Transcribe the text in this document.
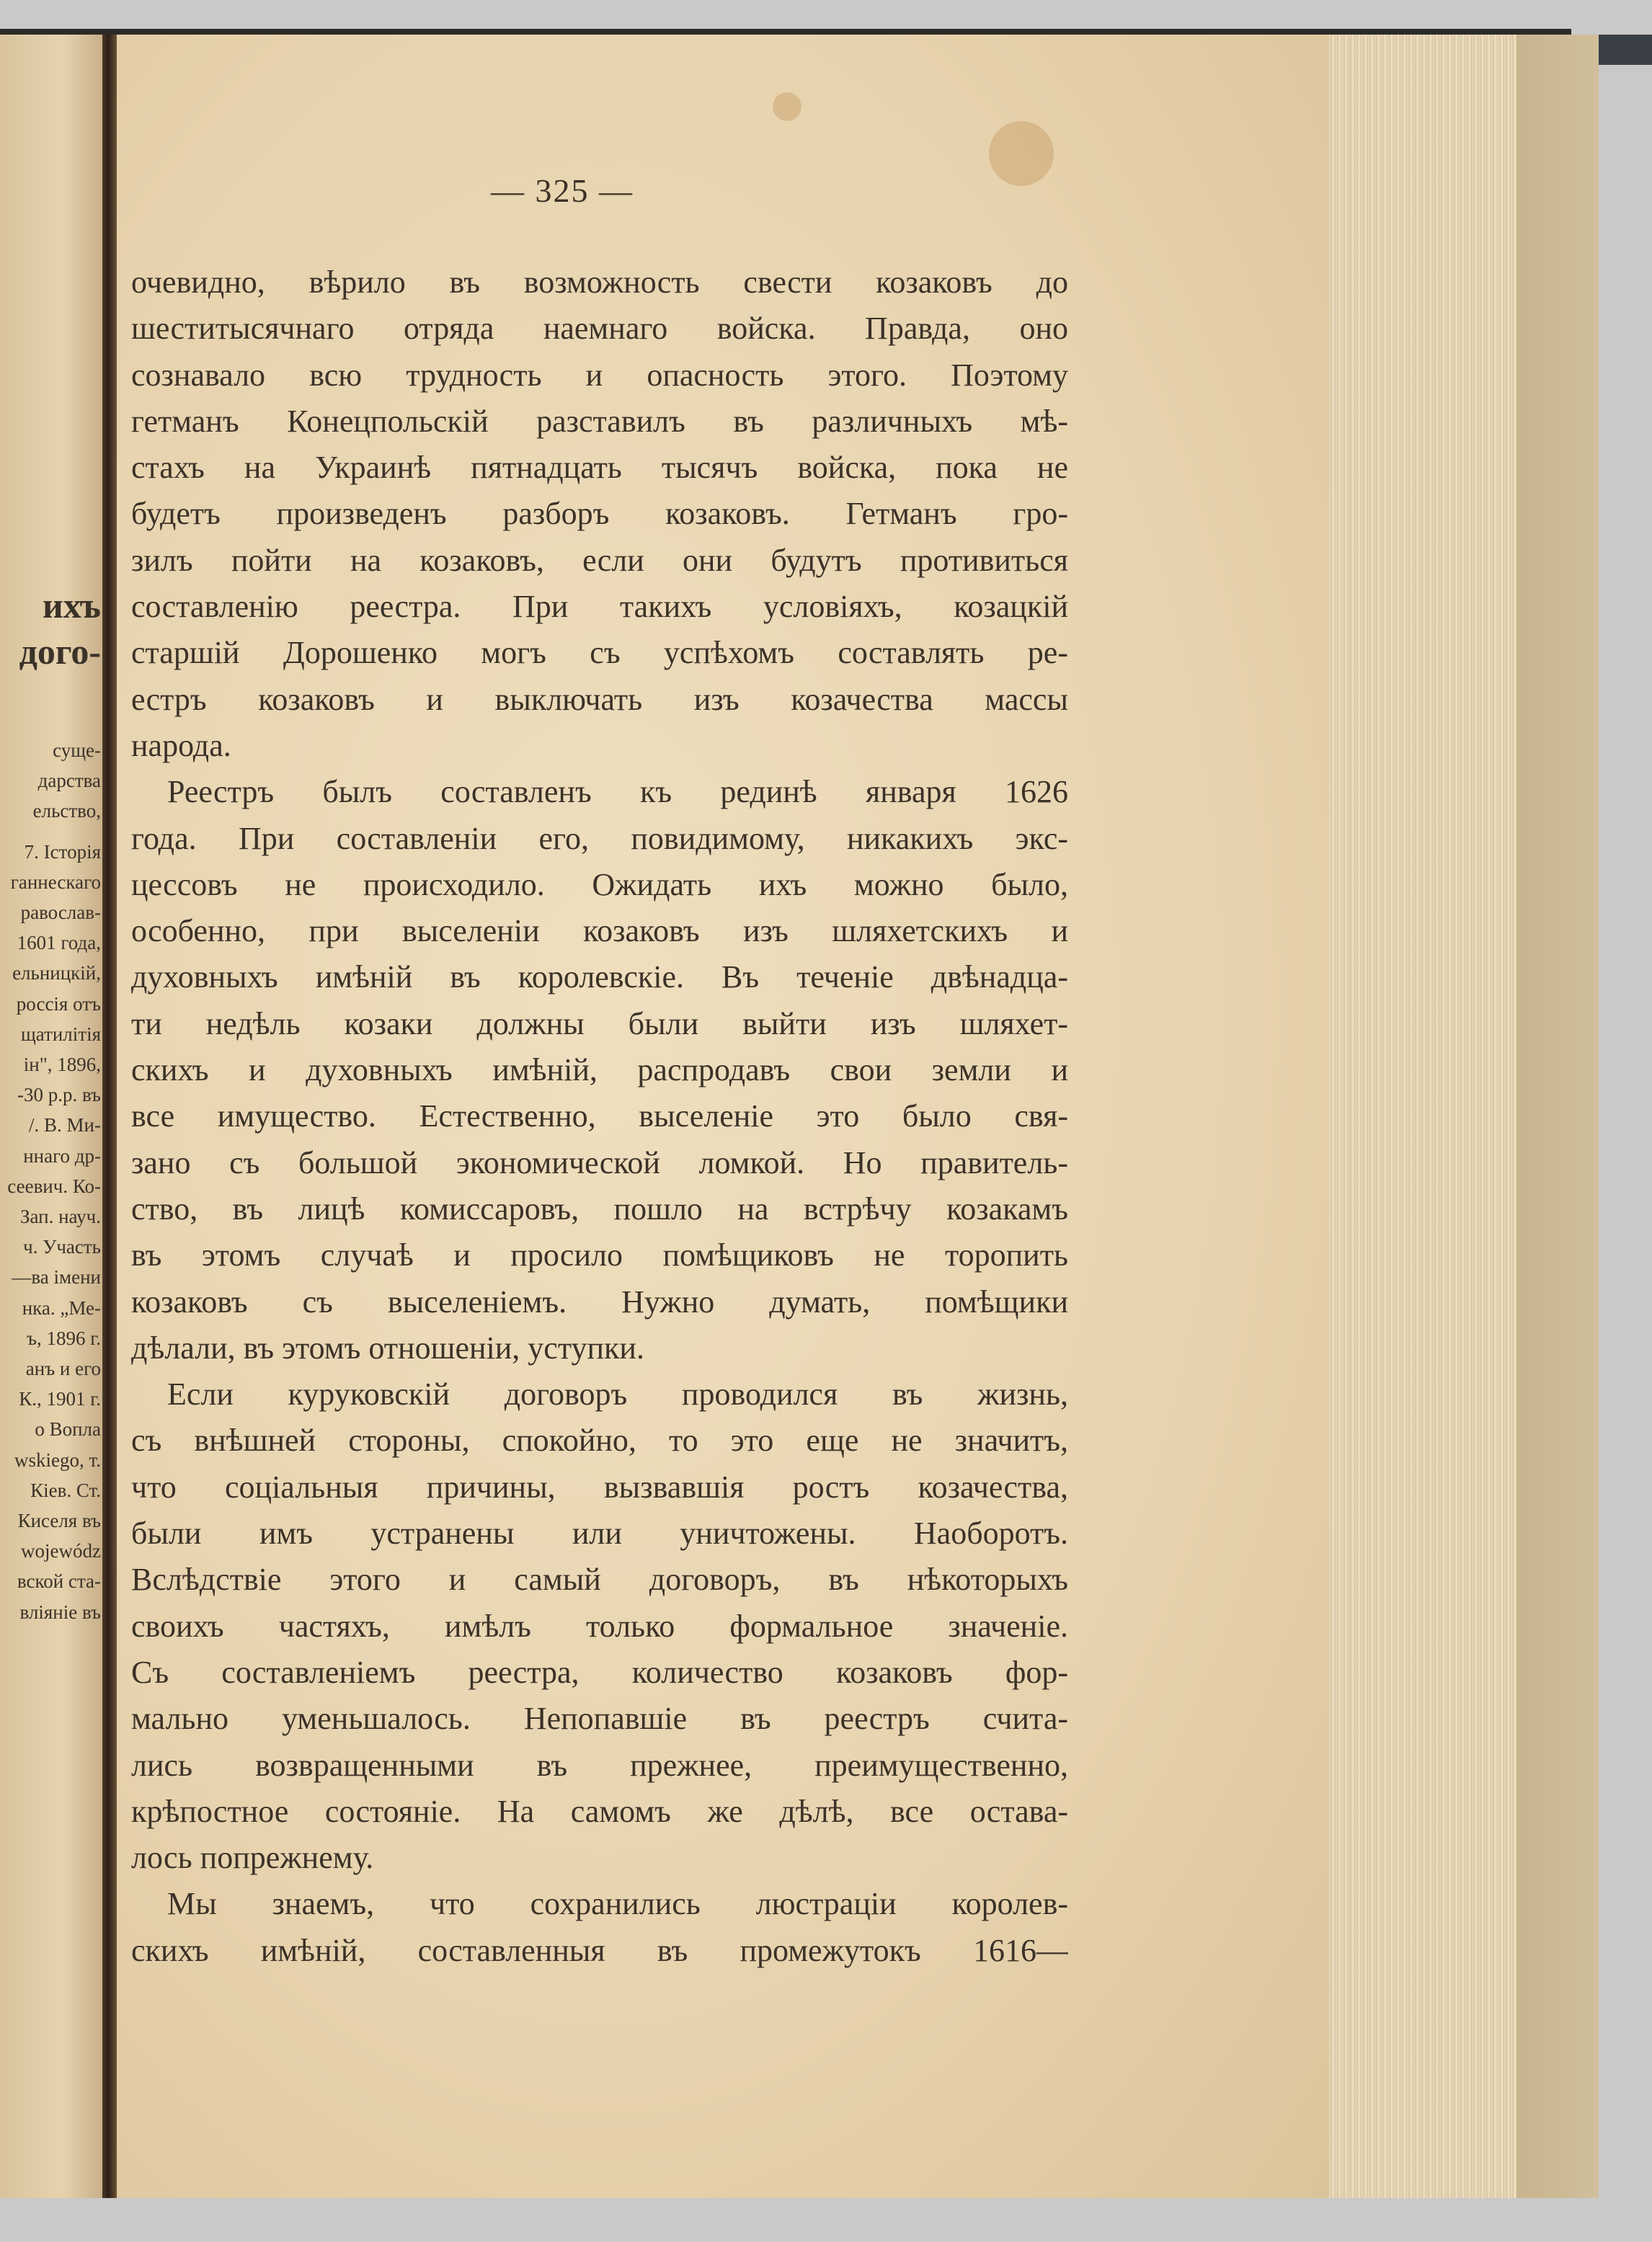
ихъ
дого-
суще-
дарства
ельство,
7. Історія
ганнескаго
равослав-
1601 года,
ельницкій,
россія отъ
щатилітія
ін", 1896,
-30 р.р. въ
/. В. Ми-
ннаго др-
сеевич. Ко-
Зап. науч.
ч. Участь
—ва імени
нка. „Ме-
ъ, 1896 г.
анъ и его
К., 1901 г.
о Вопла
wskiego, т.
Кіев. Ст.
Киселя въ
wojewódz
вской ста-
вліяніе въ
— 325 —
очевидно, вѣрило въ возможность свести козаковъ до
шеститысячнаго отряда наемнаго войска. Правда, оно
сознавало всю трудность и опасность этого. Поэтому
гетманъ Конецпольскій разставилъ въ различныхъ мѣ-
стахъ на Украинѣ пятнадцать тысячъ войска, пока не
будетъ произведенъ разборъ козаковъ. Гетманъ гро-
зилъ пойти на козаковъ, если они будутъ противиться
составленію реестра. При такихъ условіяхъ, козацкій
старшій Дорошенко могъ съ успѣхомъ составлять ре-
естръ козаковъ и выключать изъ козачества массы
народа.
Реестръ былъ составленъ къ рединѣ января 1626
года. При составленіи его, повидимому, никакихъ экс-
цессовъ не происходило. Ожидать ихъ можно было,
особенно, при выселеніи козаковъ изъ шляхетскихъ и
духовныхъ имѣній въ королевскіе. Въ теченіе двѣнадца-
ти недѣль козаки должны были выйти изъ шляхет-
скихъ и духовныхъ имѣній, распродавъ свои земли и
все имущество. Естественно, выселеніе это было свя-
зано съ большой экономической ломкой. Но правитель-
ство, въ лицѣ комиссаровъ, пошло на встрѣчу козакамъ
въ этомъ случаѣ и просило помѣщиковъ не торопить
козаковъ съ выселеніемъ. Нужно думать, помѣщики
дѣлали, въ этомъ отношеніи, уступки.
Если куруковскій договоръ проводился въ жизнь,
съ внѣшней стороны, спокойно, то это еще не значитъ,
что соціальныя причины, вызвавшія ростъ козачества,
были имъ устранены или уничтожены. Наоборотъ.
Вслѣдствіе этого и самый договоръ, въ нѣкоторыхъ
своихъ частяхъ, имѣлъ только формальное значеніе.
Съ составленіемъ реестра, количество козаковъ фор-
мально уменьшалось. Непопавшіе въ реестръ счита-
лись возвращенными въ прежнее, преимущественно,
крѣпостное состояніе. На самомъ же дѣлѣ, все остава-
лось попрежнему.
Мы знаемъ, что сохранились люстраціи королев-
скихъ имѣній, составленныя въ промежутокъ 1616—
